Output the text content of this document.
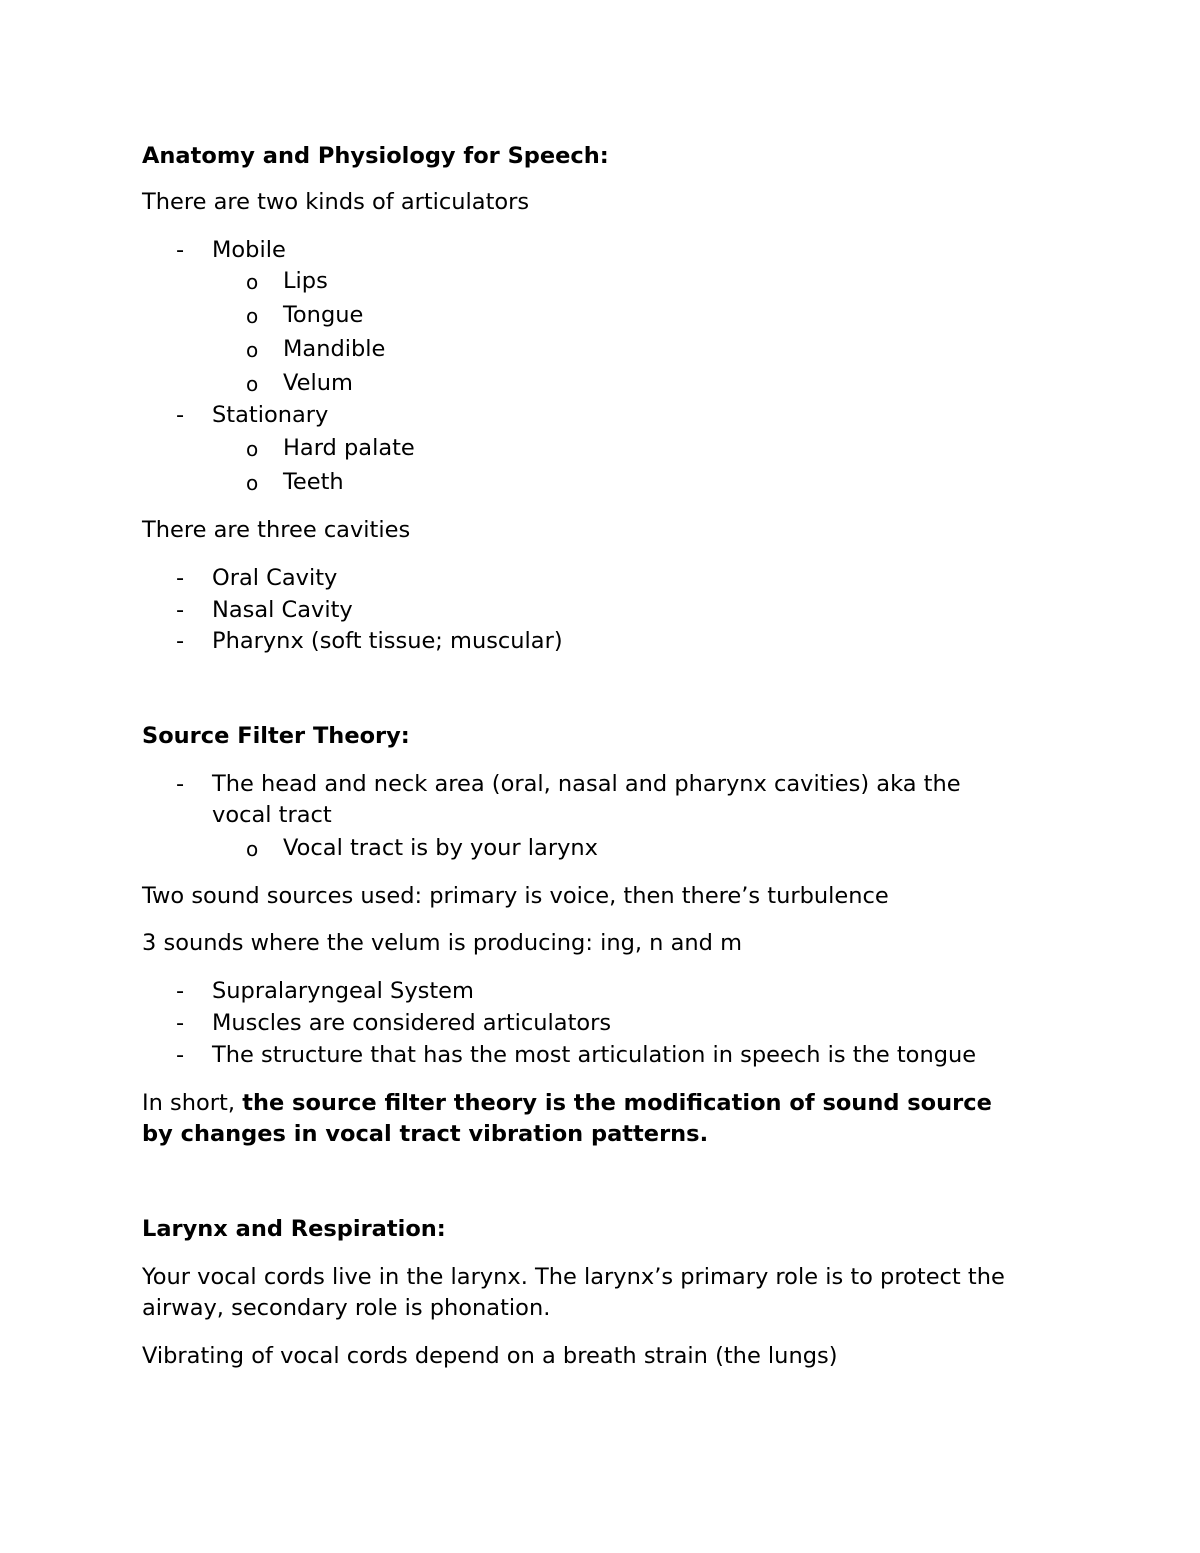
Anatomy and Physiology for Speech:
There are two kinds of articulators
- Mobile
o Lips
o Tongue
o Mandible
o Velum
- Stationary
o Hard palate
o Teeth
There are three cavities
- Oral Cavity
- Nasal Cavity
- Pharynx (soft tissue; muscular)
Source Filter Theory:
- The head and neck area (oral, nasal and pharynx cavities) aka the
vocal tract
o Vocal tract is by your larynx
Two sound sources used: primary is voice, then there’s turbulence
3 sounds where the velum is producing: ing, n and m
- Supralaryngeal System
- Muscles are considered articulators
- The structure that has the most articulation in speech is the tongue
In short, the source filter theory is the modification of sound source
by changes in vocal tract vibration patterns.
Larynx and Respiration:
Your vocal cords live in the larynx. The larynx’s primary role is to protect the
airway, secondary role is phonation.
Vibrating of vocal cords depend on a breath strain (the lungs)
